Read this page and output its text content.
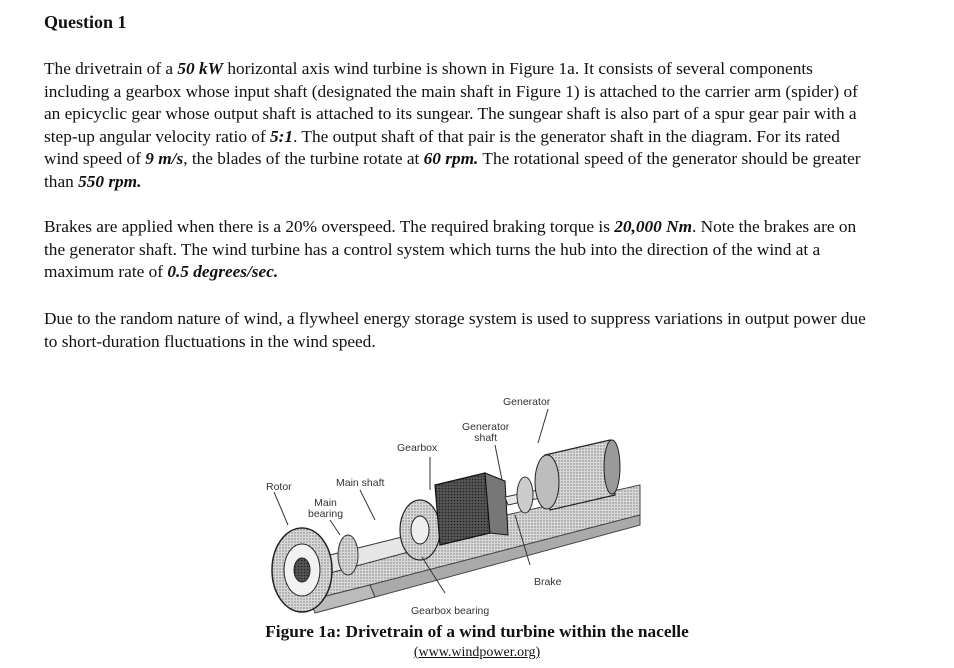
Question 1
The drivetrain of a 50 kW horizontal axis wind turbine is shown in Figure 1a. It consists of several components including a gearbox whose input shaft (designated the main shaft in Figure 1) is attached to the carrier arm (spider) of an epicyclic gear whose output shaft is attached to its sungear. The sungear shaft is also part of a spur gear pair with a step-up angular velocity ratio of 5:1. The output shaft of that pair is the generator shaft in the diagram. For its rated wind speed of 9 m/s, the blades of the turbine rotate at 60 rpm. The rotational speed of the generator should be greater than 550 rpm.
Brakes are applied when there is a 20% overspeed. The required braking torque is 20,000 Nm. Note the brakes are on the generator shaft. The wind turbine has a control system which turns the hub into the direction of the wind at a maximum rate of 0.5 degrees/sec.
Due to the random nature of wind, a flywheel energy storage system is used to suppress variations in output power due to short-duration fluctuations in the wind speed.
Generator
Generator
shaft
Gearbox
Rotor	Main shaft
Main
bearing
Brake
Gearbox bearing
Figure 1a: Drivetrain of a wind turbine within the nacelle
(www.windpower.org)
